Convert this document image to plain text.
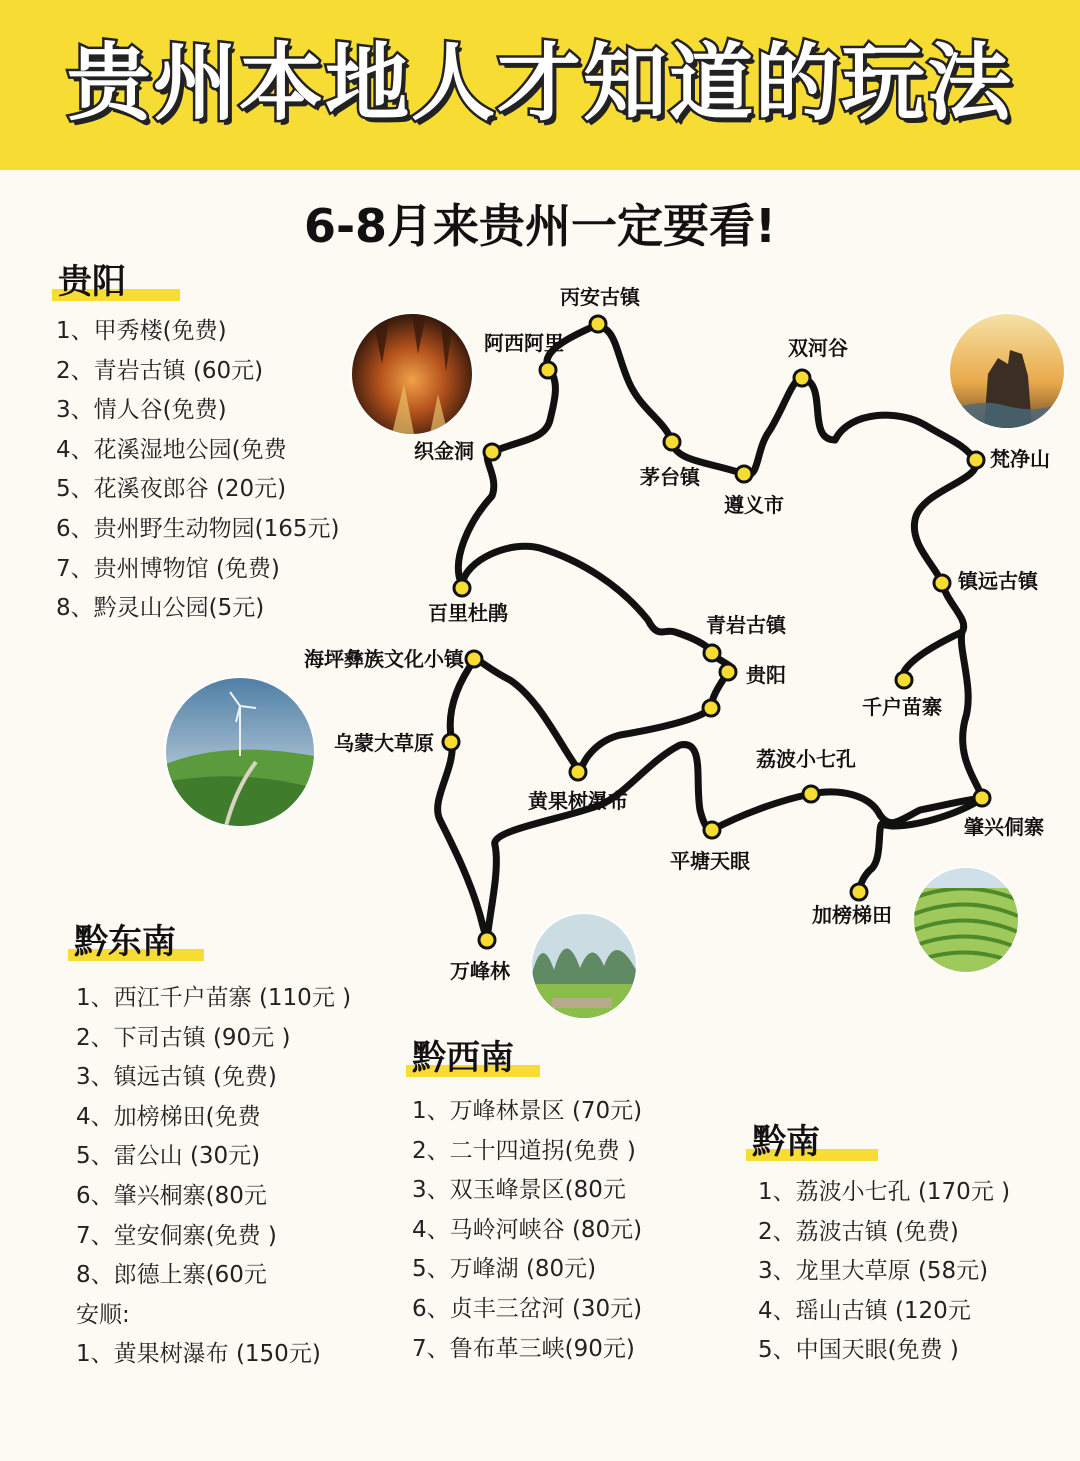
贵州本地人才知道的玩法
6-8月来贵州一定要看!
贵阳
1、甲秀楼(免费)
2、青岩古镇 (60元)
3、情人谷(免费)
4、花溪湿地公园(免费
5、花溪夜郎谷 (20元)
6、贵州野生动物园(165元)
7、贵州博物馆 (免费)
8、黔灵山公园(5元)
黔东南
1、西江千户苗寨 (110元 )
2、下司古镇 (90元 )
3、镇远古镇 (免费)
4、加榜梯田(免费
5、雷公山 (30元)
6、肇兴桐寨(80元
7、堂安侗寨(免费 )
8、郎德上寨(60元
安顺:
1、黄果树瀑布 (150元)
黔西南
1、万峰林景区 (70元)
2、二十四道拐(免费 )
3、双玉峰景区(80元
4、马岭河峡谷 (80元)
5、万峰湖 (80元)
6、贞丰三岔河 (30元)
7、鲁布革三峡(90元)
黔南
1、荔波小七孔 (170元 )
2、荔波古镇 (免费)
3、龙里大草原 (58元)
4、瑶山古镇 (120元
5、中国天眼(免费 )
丙安古镇
阿西阿里	双河谷
织金洞
茅台镇
遵义市
梵净山
镇远古镇
百里杜鹃	青岩古镇
贵阳
海坪彝族文化小镇
千户苗寨
乌蒙大草原
荔波小七孔
黄果树瀑布
肇兴侗寨
平塘天眼
加榜梯田
万峰林
